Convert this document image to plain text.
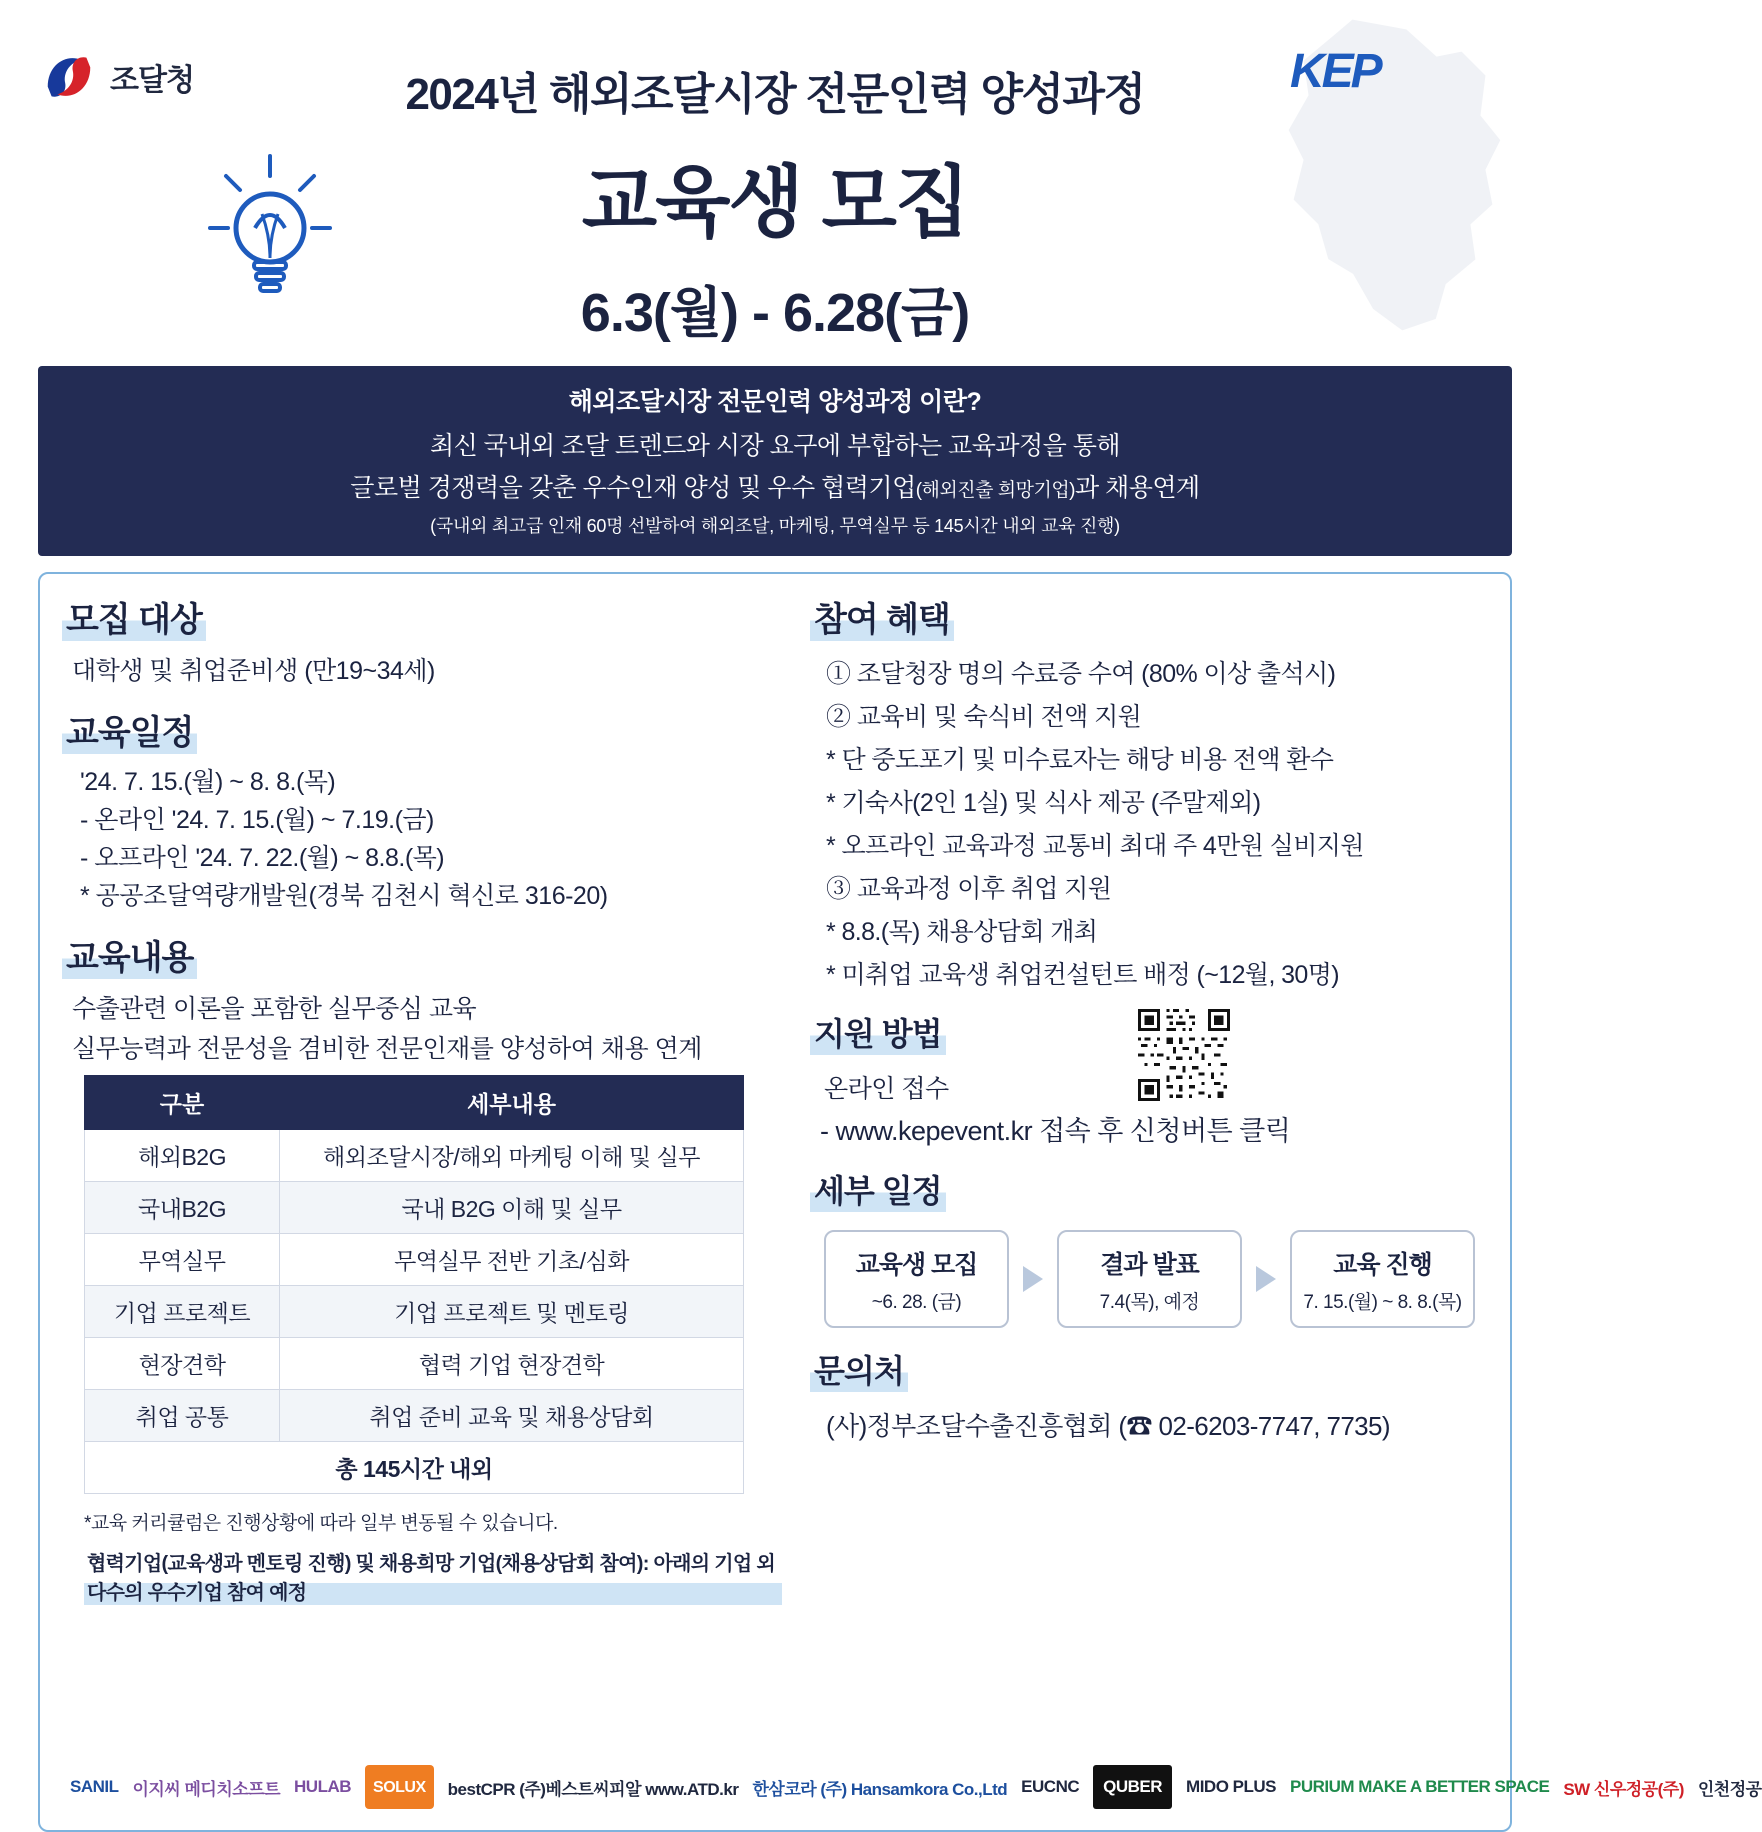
조달청	KEP
2024년 해외조달시장 전문인력 양성과정
교육생 모집
6.3(월) - 6.28(금)
해외조달시장 전문인력 양성과정 이란?
최신 국내외 조달 트렌드와 시장 요구에 부합하는 교육과정을 통해
글로벌 경쟁력을 갖춘 우수인재 양성 및 우수 협력기업(해외진출 희망기업)과 채용연계
(국내외 최고급 인재 60명 선발하여 해외조달, 마케팅, 무역실무 등 145시간 내외 교육 진행)
모집 대상
대학생 및 취업준비생 (만19~34세)
교육일정
'24. 7. 15.(월) ~ 8. 8.(목)
- 온라인 '24. 7. 15.(월) ~ 7.19.(금)
- 오프라인 '24. 7. 22.(월) ~ 8.8.(목)
* 공공조달역량개발원(경북 김천시 혁신로 316-20)
교육내용
수출관련 이론을 포함한 실무중심 교육
실무능력과 전문성을 겸비한 전문인재를 양성하여 채용 연계
구분	세부내용
해외B2G	해외조달시장/해외 마케팅 이해 및 실무
국내B2G	국내 B2G 이해 및 실무
무역실무	무역실무 전반 기초/심화
기업 프로젝트	기업 프로젝트 및 멘토링
현장견학	협력 기업 현장견학
취업 공통	취업 준비 교육 및 채용상담회
총 145시간 내외	
*교육 커리큘럼은 진행상황에 따라 일부 변동될 수 있습니다.
협력기업(교육생과 멘토링 진행) 및 채용희망 기업(채용상담회 참여): 아래의 기업 외 다수의 우수기업 참여 예정
참여 혜택
① 조달청장 명의 수료증 수여 (80% 이상 출석시)
② 교육비 및 숙식비 전액 지원
* 단 중도포기 및 미수료자는 해당 비용 전액 환수
* 기숙사(2인 1실) 및 식사 제공 (주말제외)
* 오프라인 교육과정 교통비 최대 주 4만원 실비지원
③ 교육과정 이후 취업 지원
* 8.8.(목) 채용상담회 개최
* 미취업 교육생 취업컨설턴트 배정 (~12월, 30명)
지원 방법
온라인 접수
- www.kepevent.kr 접속 후 신청버튼 클릭
세부 일정
교육생 모집
~6. 28. (금)
결과 발표
7.4(목), 예정
교육 진행
7. 15.(월) ~ 8. 8.(목)
문의처
(사)정부조달수출진흥협회 (☎ 02-6203-7747, 7735)
SANIL 이지씨 메디치소프트 HULAB	SOLUX	bestCPR (주)베스트씨피알 www.ATD.kr 한삼코라 (주) Hansamkora Co.,Ltd EUCNC	QUBER	MIDO PLUS PURIUM MAKE A BETTER SPACE SW 신우정공(주) 인천정공
